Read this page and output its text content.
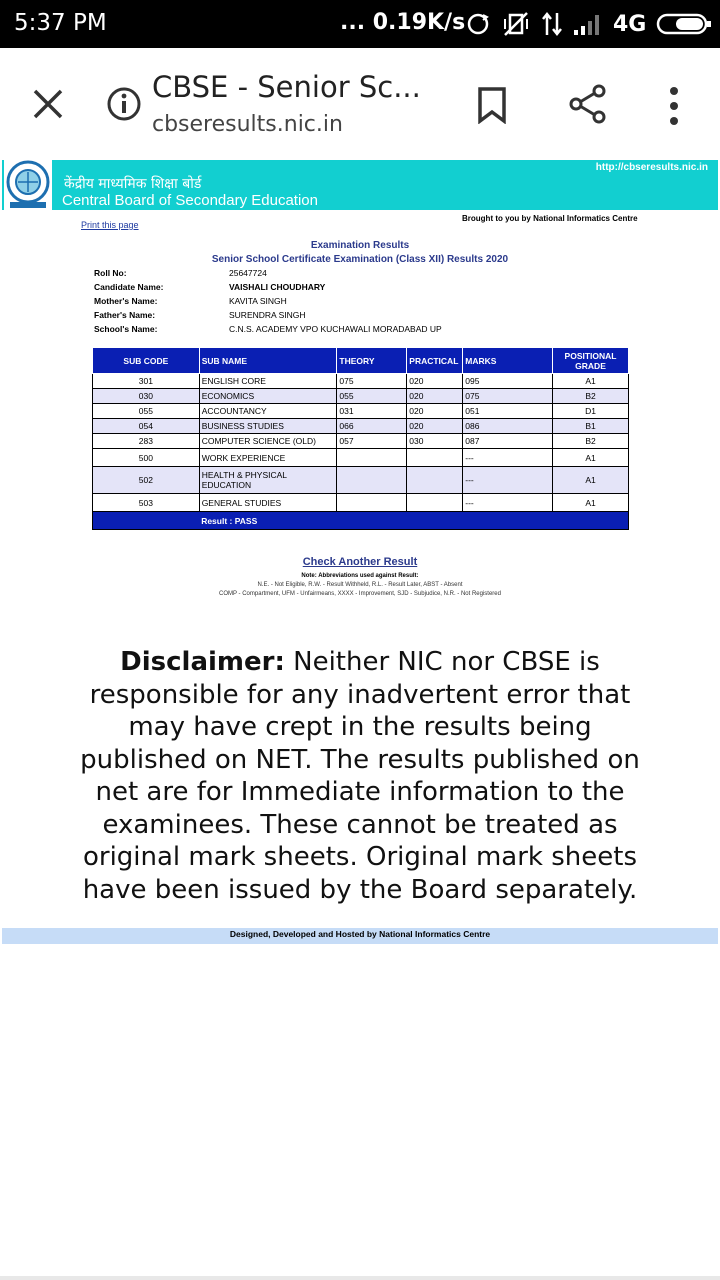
5:37 PM	... 0.19K/s	4G
CBSE - Senior Sc...
cbseresults.nic.in
केंद्रीय माध्यमिक शिक्षा बोर्ड
Central Board of Secondary Education
http://cbseresults.nic.in
Print this page
Brought to you by National Informatics Centre
Examination Results
Senior School Certificate Examination (Class XII) Results 2020
Roll No:	25647724
Candidate Name:	VAISHALI CHOUDHARY
Mother's Name:	KAVITA SINGH
Father's Name:	SURENDRA SINGH
School's Name:	C.N.S. ACADEMY VPO KUCHAWALI MORADABAD UP
SUB CODE	SUB NAME	THEORY	PRACTICAL	MARKS	POSITIONAL GRADE
301	ENGLISH CORE	075	020	095	A1
030	ECONOMICS	055	020	075	B2
055	ACCOUNTANCY	031	020	051	D1
054	BUSINESS STUDIES	066	020	086	B1
283	COMPUTER SCIENCE (OLD)	057	030	087	B2
500	WORK EXPERIENCE			---	A1
502	HEALTH & PHYSICAL EDUCATION			---	A1
503	GENERAL STUDIES			---	A1
	Result : PASS				
Check Another Result
Note: Abbreviations used against Result:
N.E. - Not Eligible, R.W. - Result Withheld, R.L. - Result Later, ABST - Absent
COMP - Compartment, UFM - Unfairmeans, XXXX - Improvement, SJD - Subjudice, N.R. - Not Registered
Disclaimer: Neither NIC nor CBSE is responsible for any inadvertent error that may have crept in the results being published on NET. The results published on net are for Immediate information to the examinees. These cannot be treated as original mark sheets. Original mark sheets have been issued by the Board separately.
Designed, Developed and Hosted by National Informatics Centre
